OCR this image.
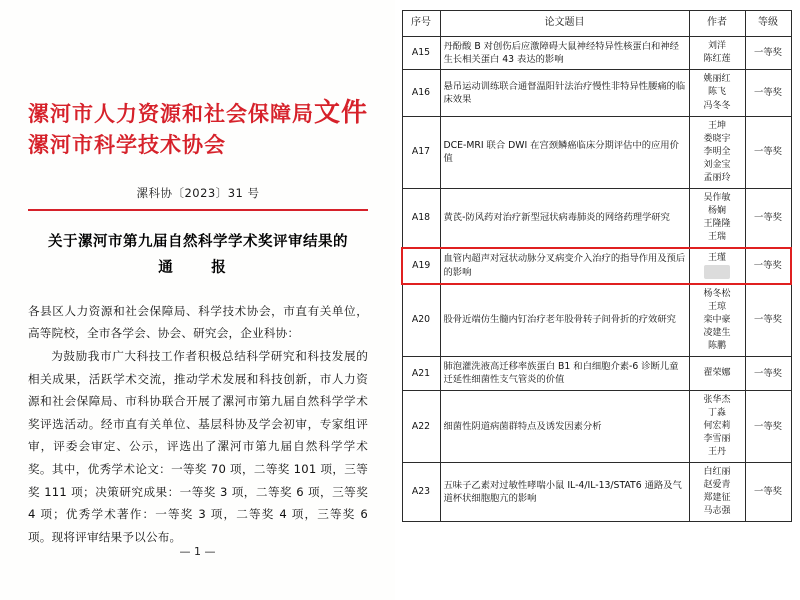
漯河市人力资源和社会保障局文件
漯河市科学技术协会
漯科协〔2023〕31 号
关于漯河市第九届自然科学学术奖评审结果的
通　报

各县区人力资源和社会保障局、科学技术协会，市直有关单位，高等院校，全市各学会、协会、研究会，企业科协：

为鼓励我市广大科技工作者积极总结科学研究和科技发展的相关成果，活跃学术交流，推动学术发展和科技创新，市人力资源和社会保障局、市科协联合开展了漯河市第九届自然科学学术奖评选活动。经市直有关单位、基层科协及学会初审，专家组评审，评委会审定、公示，评选出了漯河市第九届自然科学学术奖。其中，优秀学术论文：一等奖 70 项，二等奖 101 项，三等奖 111 项；决策研究成果：一等奖 3 项，二等奖 6 项，三等奖 4 项；优秀学术著作：一等奖 3 项，二等奖 4 项，三等奖 6 项。现将评审结果予以公布。

— 1 —
序号	论文题目	作者	等级
A15	丹酚酸 B 对创伤后应激障碍大鼠神经特异性核蛋白和神经生长相关蛋白 43 表达的影响	刘洋
陈红莲	一等奖
A16	悬吊运动训练联合通督温阳针法治疗慢性非特异性腰痛的临床效果	姚丽红
陈飞
冯冬冬	一等奖
A17	DCE-MRI 联合 DWI 在宫颈鳞癌临床分期评估中的应用价值	王坤
娄晓宇
李明全
刘金宝
孟丽玲	一等奖
A18	黄芪-防风药对治疗新型冠状病毒肺炎的网络药理学研究	吴作敏
杨娴
王隆隆
王瑞	一等奖
A19	血管内超声对冠状动脉分叉病变介入治疗的指导作用及预后的影响	王瑾	一等奖
A20	股骨近端仿生髓内钉治疗老年股骨转子间骨折的疗效研究	杨冬松
王琼
栾中豪
凌建生
陈鹏	一等奖
A21	肺泡灌洗液高迁移率族蛋白 B1 和白细胞介素-6 诊断儿童迁延性细菌性支气管炎的价值	翟荣娜	一等奖
A22	细菌性阴道病菌群特点及诱发因素分析	张华杰
丁淼
何宏莉
李雪丽
王丹	一等奖
A23	五味子乙素对过敏性哮喘小鼠 IL-4/IL-13/STAT6 通路及气道杯状细胞胞亢的影响	白红丽
赵爱青
郑建征
马志强	一等奖
